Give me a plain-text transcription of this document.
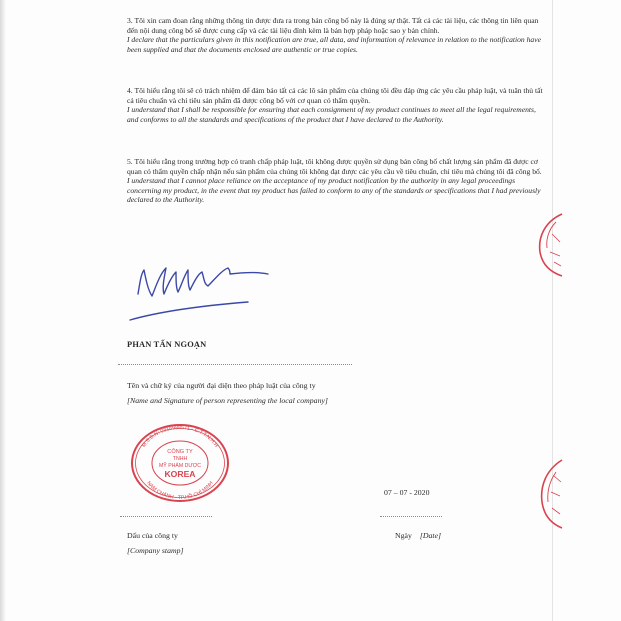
3. Tôi xin cam đoan rằng những thông tin được đưa ra trong bản công bố này là đúng sự thật. Tất cả các tài liệu, các thông tin liên quan đến nội dung công bố sẽ được cung cấp và các tài liệu đính kèm là bản hợp pháp hoặc sao y bản chính.

I declare that the particulars given in this notification are true, all data, and information of relevance in relation to the notification have been supplied and that the documents enclosed are authentic or true copies.

4. Tôi hiểu rằng tôi sẽ có trách nhiệm để đảm bảo tất cả các lô sản phẩm của chúng tôi đều đáp ứng các yêu cầu pháp luật, và tuân thủ tất cả tiêu chuẩn và chỉ tiêu sản phẩm đã được công bố với cơ quan có thẩm quyền.

I understand that I shall be responsible for ensuring that each consignment of my product continues to meet all the legal requirements, and conforms to all the standards and specifications of the product that I have declared to the Authority.

5. Tôi hiểu rằng trong trường hợp có tranh chấp pháp luật, tôi không được quyền sử dụng bản công bố chất lượng sản phẩm đã được cơ quan có thẩm quyền chấp nhận nếu sản phẩm của chúng tôi không đạt được các yêu cầu về tiêu chuẩn, chỉ tiêu mà chúng tôi đã công bố.

I understand that I cannot place reliance on the acceptance of my product notification by the authority in any legal proceedings concerning my product, in the event that my product has failed to conform to any of the standards or specifications that I had previously declared to the Authority.

PHAN TẤN NGOẠN
Tên và chữ ký của người đại diện theo pháp luật của công ty
[Name and Signature of person representing the local company]
M.S.D.N: 0316988571 - C.T.T.N.H.H
NAM CHÁNH - TP.HỒ CHÍ MINH
CÔNG TY
TNHH
MỸ PHẨM DƯỢC
KOREA
Dấu của công ty
[Company stamp]
07 – 07 - 2020
Ngày [Date]
